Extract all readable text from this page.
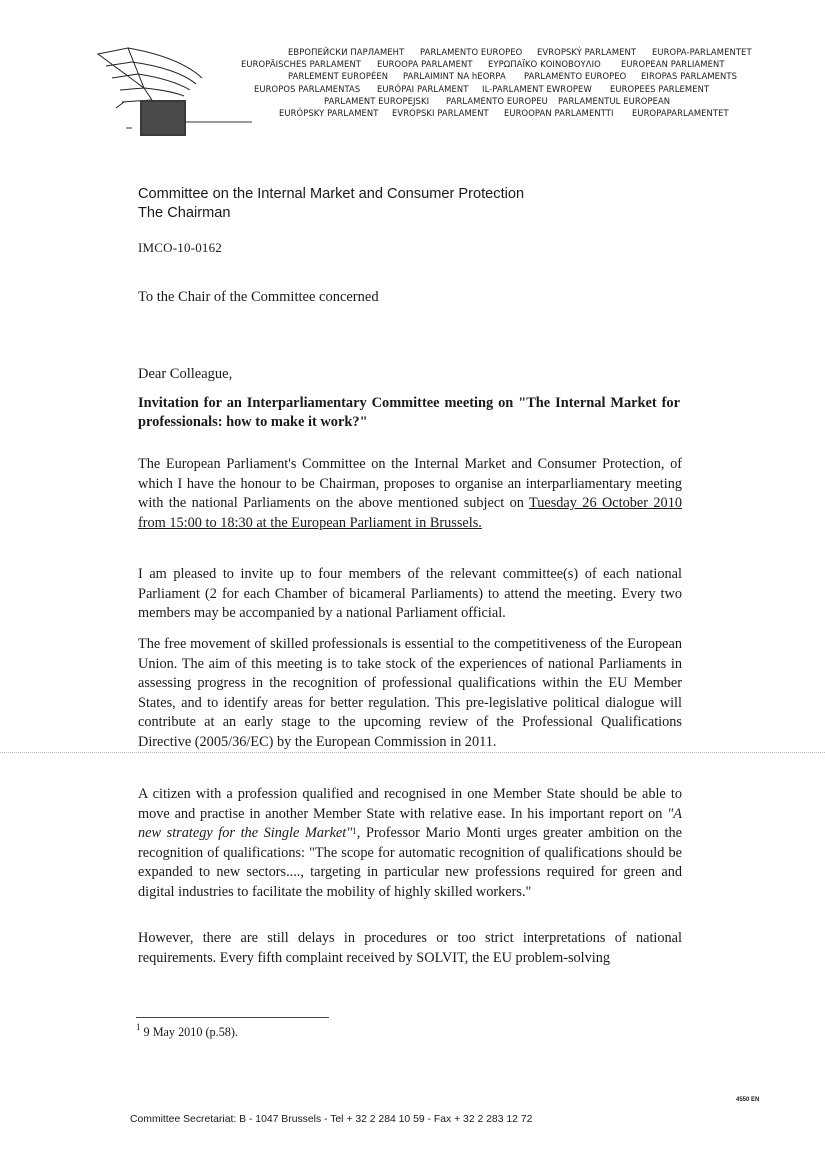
ЕВРОПЕЙСКИ ПАРЛАМЕНТ PARLAMENTO EUROPEO EVROPSKÝ PARLAMENT EUROPA-PARLAMENTET
EUROPÄISCHES PARLAMENT EUROOPA PARLAMENT ΕΥΡΩΠΑΪΚΟ ΚΟΙΝΟΒΟΥΛΙΟ EUROPEAN PARLIAMENT
PARLEMENT EUROPÉEN PARLAIMINT NA hEORPA PARLAMENTO EUROPEO EIROPAS PARLAMENTS
EUROPOS PARLAMENTAS EURÓPAI PARLAMENT IL-PARLAMENT EWROPEW EUROPEES PARLEMENT
PARLAMENT EUROPEJSKI PARLAMENTO EUROPEU PARLAMENTUL EUROPEAN
EURÓPSKY PARLAMENT EVROPSKI PARLAMENT EUROOPAN PARLAMENTTI EUROPAPARLAMENTET
Committee on the Internal Market and Consumer Protection
The Chairman
IMCO-10-0162
To the Chair of the Committee concerned
Dear Colleague,
Invitation for an Interparliamentary Committee meeting on "The Internal Market for professionals: how to make it work?"

The European Parliament's Committee on the Internal Market and Consumer Protection, of which I have the honour to be Chairman, proposes to organise an interparliamentary meeting with the national Parliaments on the above mentioned subject on Tuesday 26 October 2010 from 15:00 to 18:30 at the European Parliament in Brussels.

I am pleased to invite up to four members of the relevant committee(s) of each national Parliament (2 for each Chamber of bicameral Parliaments) to attend the meeting. Every two members may be accompanied by a national Parliament official.

The free movement of skilled professionals is essential to the competitiveness of the European Union. The aim of this meeting is to take stock of the experiences of national Parliaments in assessing progress in the recognition of professional qualifications within the EU Member States, and to identify areas for better regulation. This pre-legislative political dialogue will contribute at an early stage to the upcoming review of the Professional Qualifications Directive (2005/36/EC) by the European Commission in 2011.

A citizen with a profession qualified and recognised in one Member State should be able to move and practise in another Member State with relative ease. In his important report on "A new strategy for the Single Market"$^1$, Professor Mario Monti urges greater ambition on the recognition of qualifications: "The scope for automatic recognition of qualifications should be expanded to new sectors...., targeting in particular new professions required for green and digital industries to facilitate the mobility of highly skilled workers."

However, there are still delays in procedures or too strict interpretations of national requirements. Every fifth complaint received by SOLVIT, the EU problem-solving

$^1$ 9 May 2010 (p.58).
4550 EN
Committee Secretariat: B - 1047 Brussels - Tel + 32 2 284 10 59 - Fax + 32 2 283 12 72
